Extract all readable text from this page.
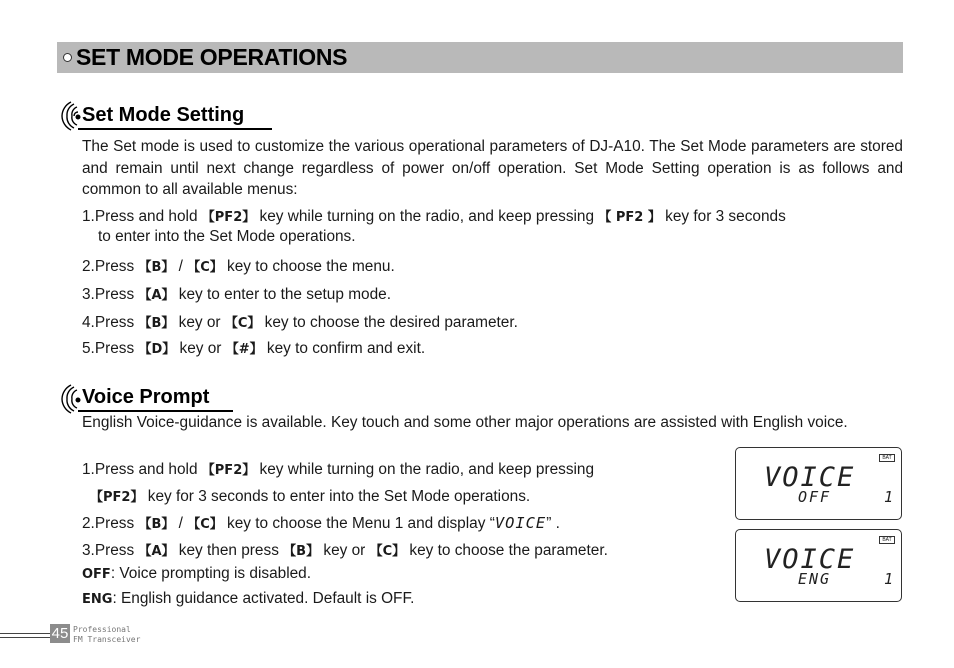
SET MODE OPERATIONS
Set Mode Setting
The Set mode is used to customize the various operational parameters of DJ-A10. The Set Mode parameters are stored and remain until next change regardless of power on/off operation. Set Mode Setting operation is as follows and common to all available menus:
1.Press and hold 【PF2】 key while turning on the radio, and keep pressing 【 PF2 】 key for 3 seconds
to enter into the Set Mode operations.
2.Press 【B】 / 【C】 key to choose the menu.
3.Press 【A】 key to enter to the setup mode.
4.Press 【B】 key or 【C】 key to choose the desired parameter.
5.Press 【D】 key or 【#】 key to confirm and exit.
Voice Prompt
English Voice-guidance is available. Key touch and some other major operations are assisted with English voice.
1.Press and hold 【PF2】 key while turning on the radio, and keep pressing
【PF2】 key for 3 seconds to enter into the Set Mode operations.
2.Press 【B】 / 【C】 key to choose the Menu 1 and display “VOICE” .
3.Press 【A】 key then press 【B】 key or 【C】 key to choose the parameter.
OFF: Voice prompting is disabled.
ENG: English guidance activated. Default is OFF.
BAT
VOICE
OFF	1
BAT
VOICE
ENG	1
45 Professional
FM Transceiver
